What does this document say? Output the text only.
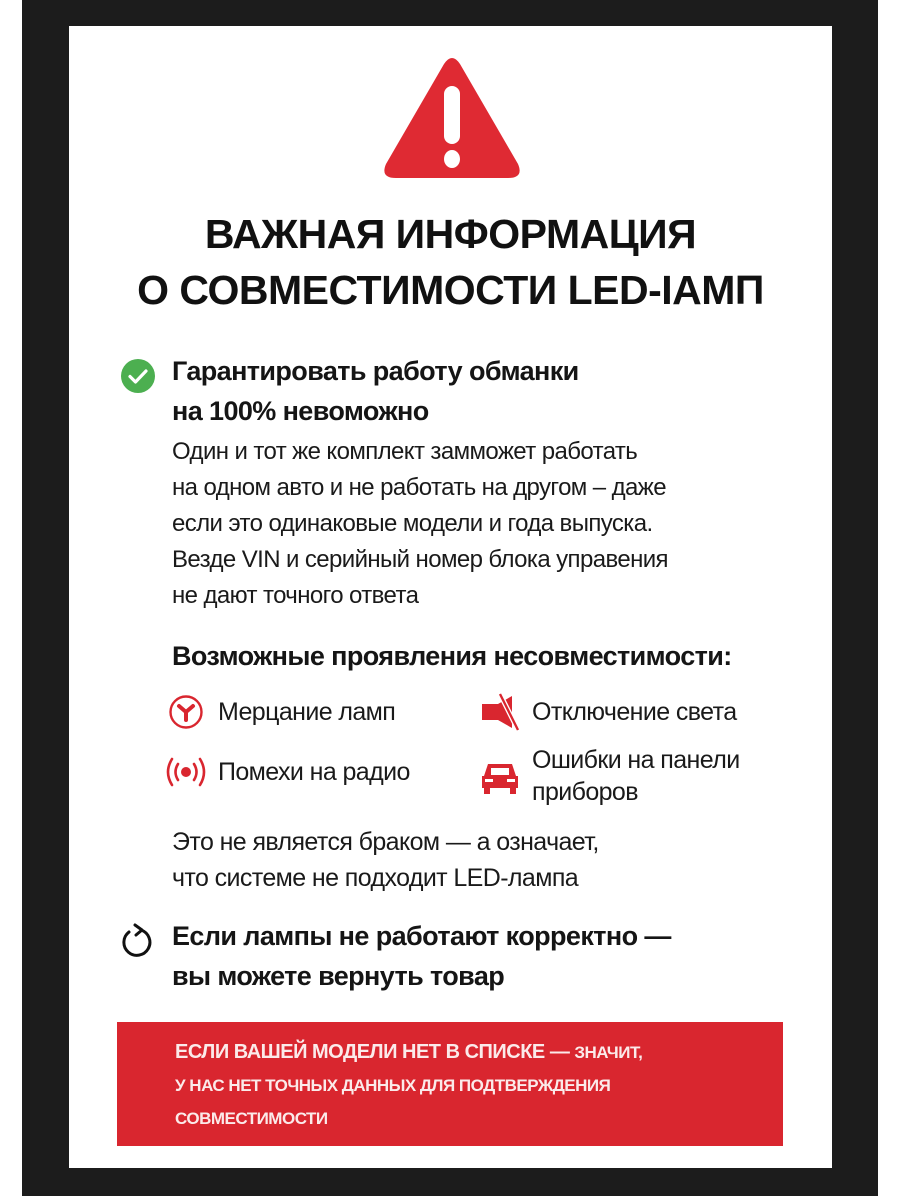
ВАЖНАЯ ИНФОРМАЦИЯ
О СОВМЕСТИМОСТИ LED-IАМП
Гарантировать работу обманки
на 100% невоможно
Один и тот же комплект замможет работать
на одном авто и не работать на другом – даже
если это одинаковые модели и года выпуска.
Везде VIN и серийный номер блока управения
не дают точного ответа
Возможные проявления несовместимости:
Мерцание ламп	Отключение света
Помехи на радио	Ошибки на панели
приборов
Это не является браком — а означает,
что системе не подходит LED-лампа
Если лампы не работают корректно —
вы можете вернуть товар
ЕСЛИ ВАШЕЙ МОДЕЛИ НЕТ В СПИСКЕ — ЗНАЧИТ,
У НАС НЕТ ТОЧНЫХ ДАННЫХ ДЛЯ ПОДТВЕРЖДЕНИЯ
СОВМЕСТИМОСТИ
